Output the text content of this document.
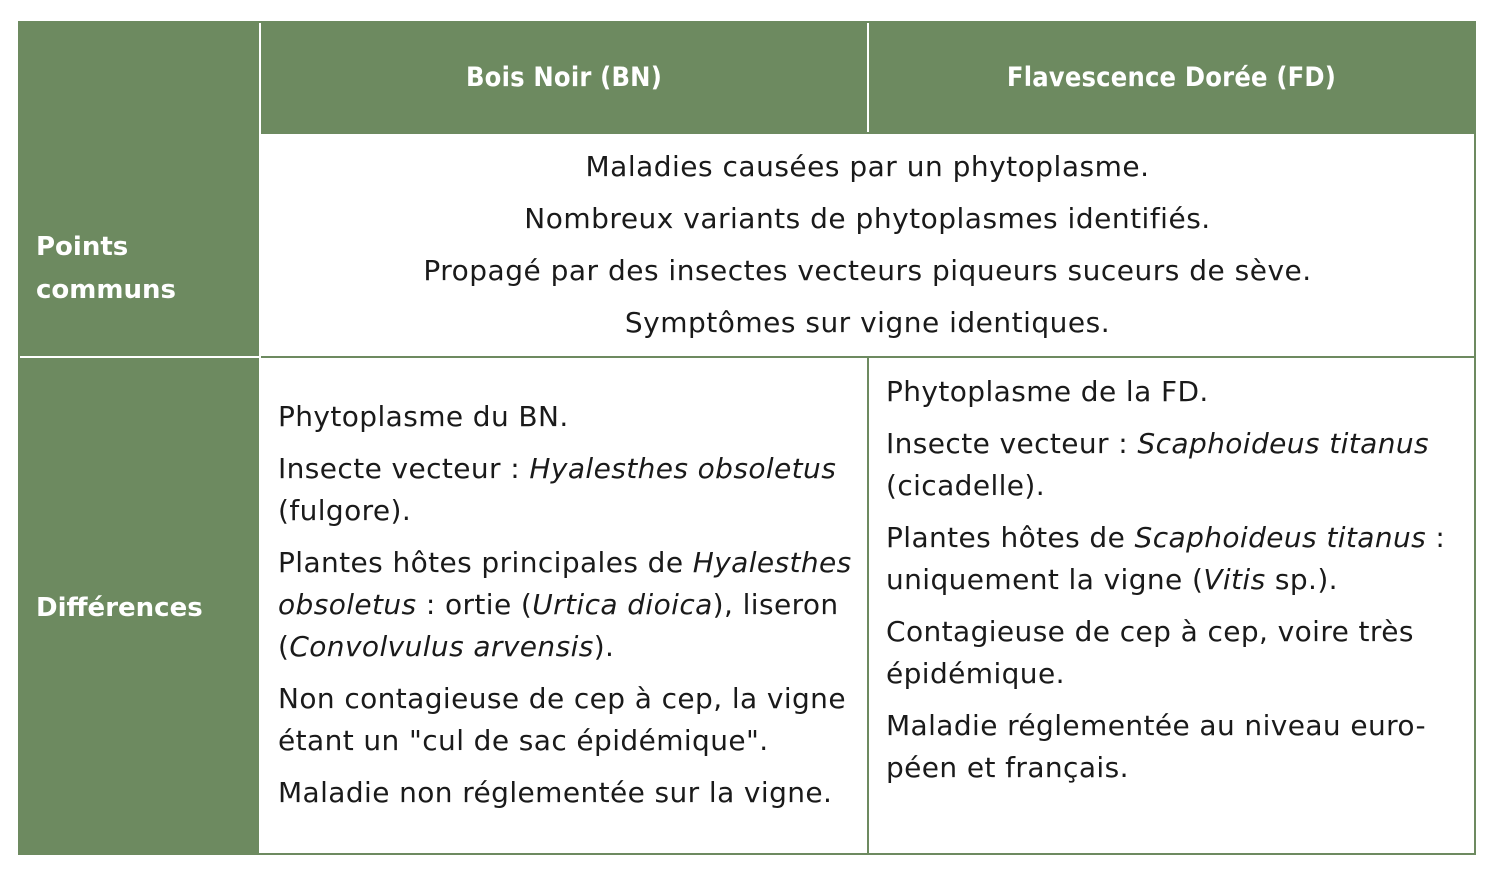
Bois Noir (BN)	Flavescence Dorée (FD)
Points
communs
Différences
Maladies causées par un phytoplasme.
Nombreux variants de phytoplasmes identifiés.
Propagé par des insectes vecteurs piqueurs suceurs de sève.
Symptômes sur vigne identiques.

Phytoplasme du BN.

Insecte vecteur : Hyalesthes obsoletus (fulgore).

Plantes hôtes principales de Hyalesthes obsoletus : ortie (Urtica dioica), liseron (Convolvulus arvensis).

Non contagieuse de cep à cep, la vigne étant un "cul de sac épidémique".

Maladie non réglementée sur la vigne.

Phytoplasme de la FD.

Insecte vecteur : Scaphoideus titanus (cicadelle).

Plantes hôtes de Scaphoideus titanus : uniquement la vigne (Vitis sp.).

Contagieuse de cep à cep, voire très épidémique.

Maladie réglementée au niveau euro-péen et français.
